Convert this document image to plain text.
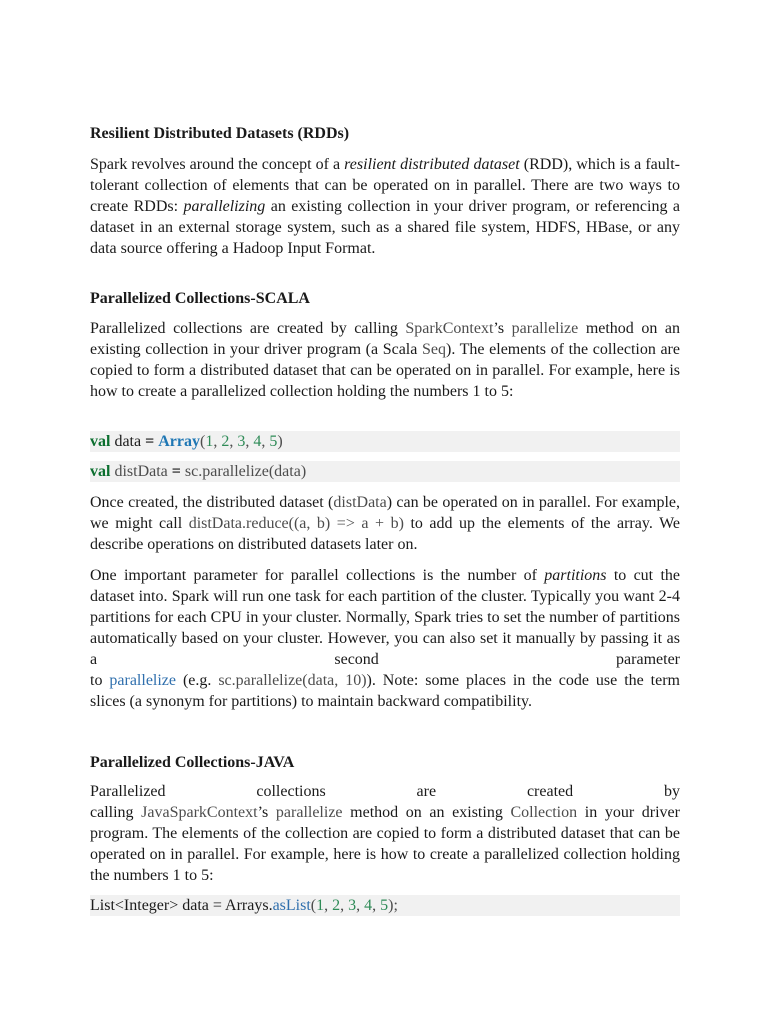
Resilient Distributed Datasets (RDDs)

Spark revolves around the concept of a resilient distributed dataset (RDD), which is a fault-tolerant collection of elements that can be operated on in parallel. There are two ways to create RDDs: parallelizing an existing collection in your driver program, or referencing a dataset in an external storage system, such as a shared file system, HDFS, HBase, or any data source offering a Hadoop Input Format.

Parallelized Collections-SCALA

Parallelized collections are created by calling SparkContext’s parallelize method on an existing collection in your driver program (a Scala Seq). The elements of the collection are copied to form a distributed dataset that can be operated on in parallel. For example, here is how to create a parallelized collection holding the numbers 1 to 5:

val data = Array(1, 2, 3, 4, 5)
val distData = sc.parallelize(data)

Once created, the distributed dataset (distData) can be operated on in parallel. For example, we might call distData.reduce((a, b) => a + b) to add up the elements of the array. We describe operations on distributed datasets later on.

One important parameter for parallel collections is the number of partitions to cut the dataset into. Spark will run one task for each partition of the cluster. Typically you want 2-4 partitions for each CPU in your cluster. Normally, Spark tries to set the number of partitions automatically based on your cluster. However, you can also set it manually by passing it as a second parameter

to parallelize (e.g. sc.parallelize(data, 10)). Note: some places in the code use the term slices (a synonym for partitions) to maintain backward compatibility.

Parallelized Collections-JAVA

Parallelized collections are created by

calling JavaSparkContext’s parallelize method on an existing Collection in your driver program. The elements of the collection are copied to form a distributed dataset that can be operated on in parallel. For example, here is how to create a parallelized collection holding the numbers 1 to 5:

List<Integer> data = Arrays.asList(1, 2, 3, 4, 5);
